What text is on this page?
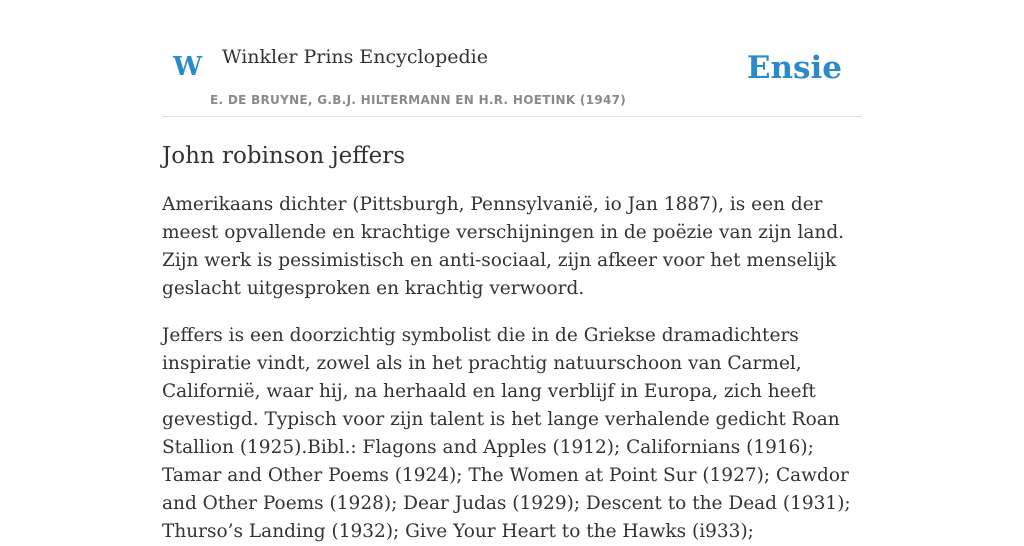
W Winkler Prins Encyclopedie
E. DE BRUYNE, G.B.J. HILTERMANN EN H.R. HOETINK (1947)
Ensie
John robinson jeffers

Amerikaans dichter (Pittsburgh, Pennsylvanië, io Jan 1887), is een der meest opvallende en krachtige verschijningen in de poëzie van zijn land. Zijn werk is pessimistisch en anti-sociaal, zijn afkeer voor het menselijk geslacht uitgesproken en krachtig verwoord.

Jeffers is een doorzichtig symbolist die in de Griekse dramadichters inspiratie vindt, zowel als in het prachtig natuurschoon van Carmel, Californië, waar hij, na herhaald en lang verblijf in Europa, zich heeft gevestigd. Typisch voor zijn talent is het lange verhalende gedicht Roan Stallion (1925).Bibl.: Flagons and Apples (1912); Californians (1916); Tamar and Other Poems (1924); The Women at Point Sur (1927); Cawdor and Other Poems (1928); Dear Judas (1929); Descent to the Dead (1931); Thurso’s Landing (1932); Give Your Heart to the Hawks (i933);
